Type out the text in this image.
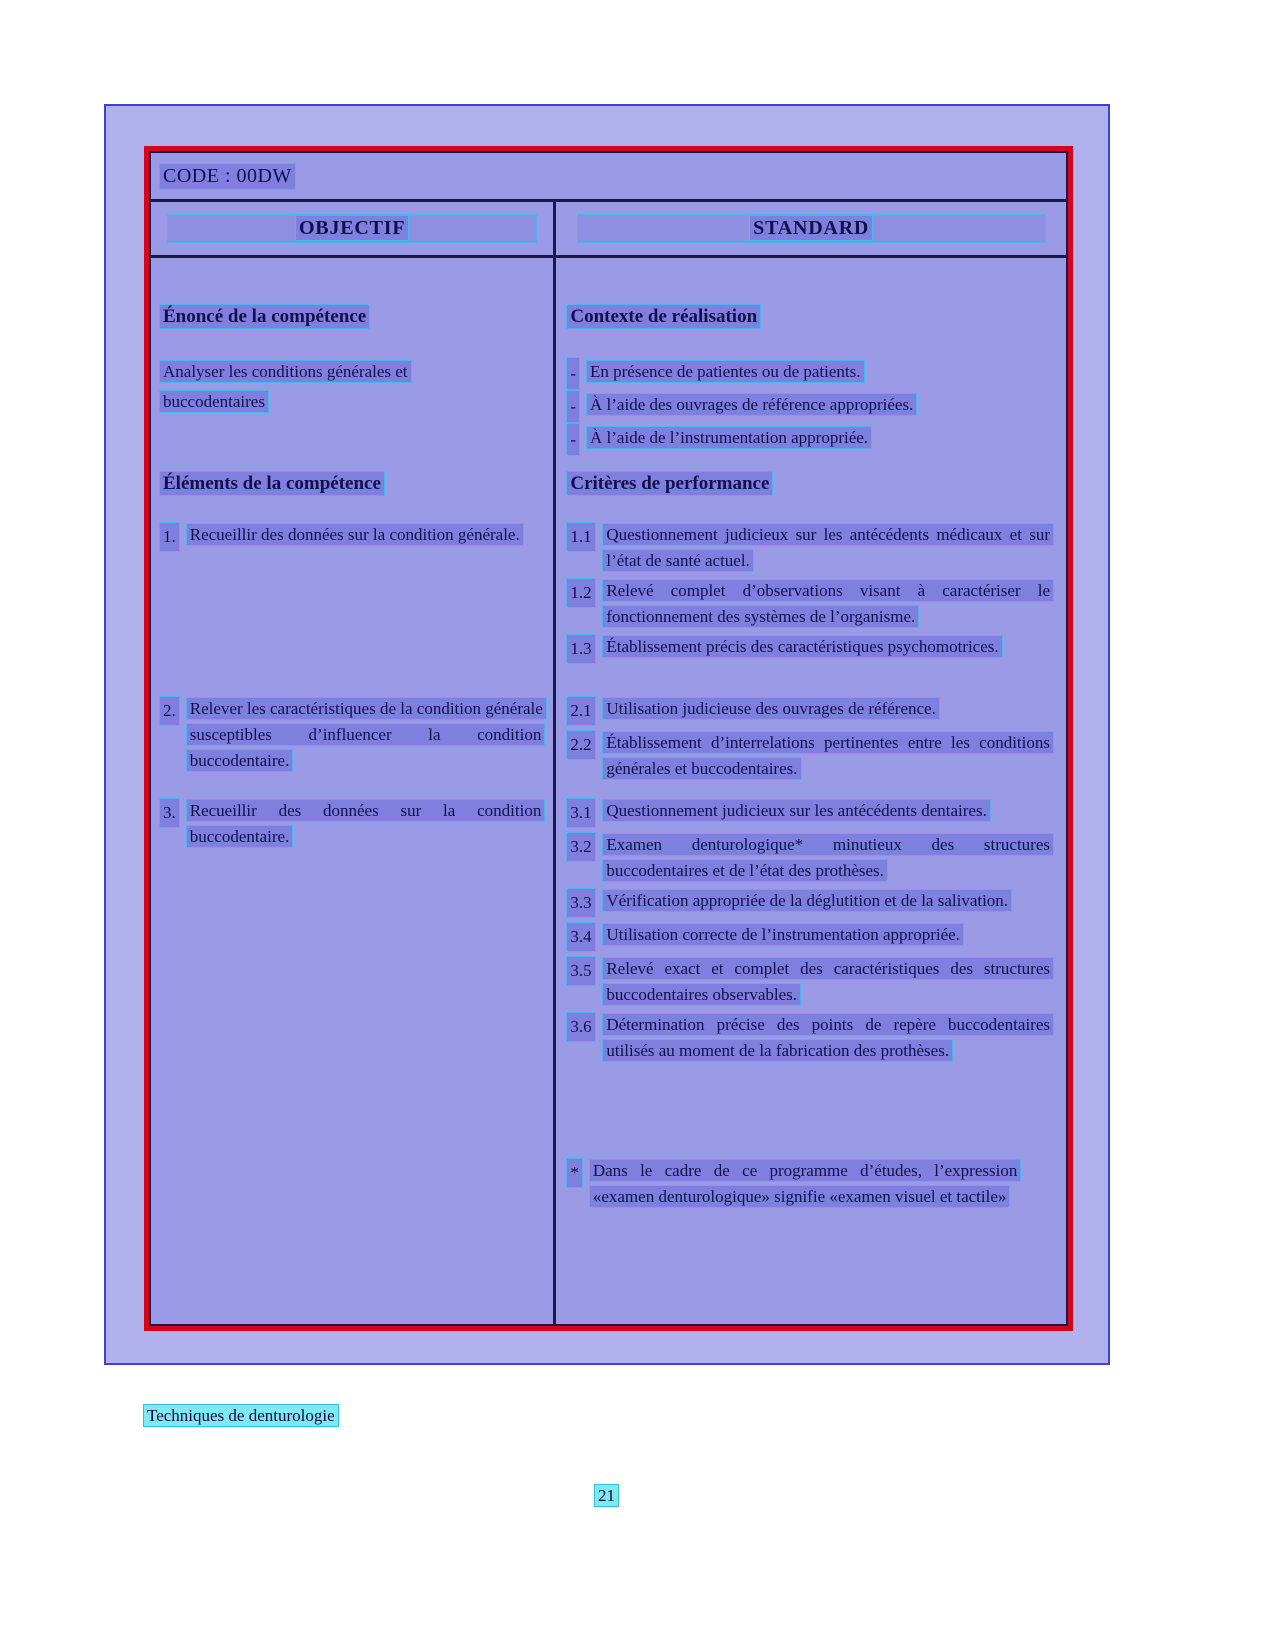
CODE : 00DW
OBJECTIF	STANDARD
Énoncé de la compétence
Analyser les conditions générales et buccodentaires
Éléments de la compétence
1. Recueillir des données sur la condition générale.
2. Relever les caractéristiques de la condition générale susceptibles d’influencer la condition buccodentaire.
3. Recueillir des données sur la condition buccodentaire.
Contexte de réalisation
- En présence de patientes ou de patients.
- À l’aide des ouvrages de référence appropriées.
- À l’aide de l’instrumentation appropriée.
Critères de performance
1.1 Questionnement judicieux sur les antécédents médicaux et sur l’état de santé actuel.
1.2 Relevé complet d’observations visant à caractériser le fonctionnement des systèmes de l’organisme.
1.3 Établissement précis des caractéristiques psychomotrices.
2.1 Utilisation judicieuse des ouvrages de référence.
2.2 Établissement d’interrelations pertinentes entre les conditions générales et buccodentaires.
3.1 Questionnement judicieux sur les antécédents dentaires.
3.2 Examen denturologique* minutieux des structures buccodentaires et de l’état des prothèses.
3.3 Vérification appropriée de la déglutition et de la salivation.
3.4 Utilisation correcte de l’instrumentation appropriée.
3.5 Relevé exact et complet des caractéristiques des structures buccodentaires observables.
3.6 Détermination précise des points de repère buccodentaires utilisés au moment de la fabrication des prothèses.
* Dans le cadre de ce programme d’études, l’expression «examen denturologique» signifie «examen visuel et tactile»
Techniques de denturologie
21
